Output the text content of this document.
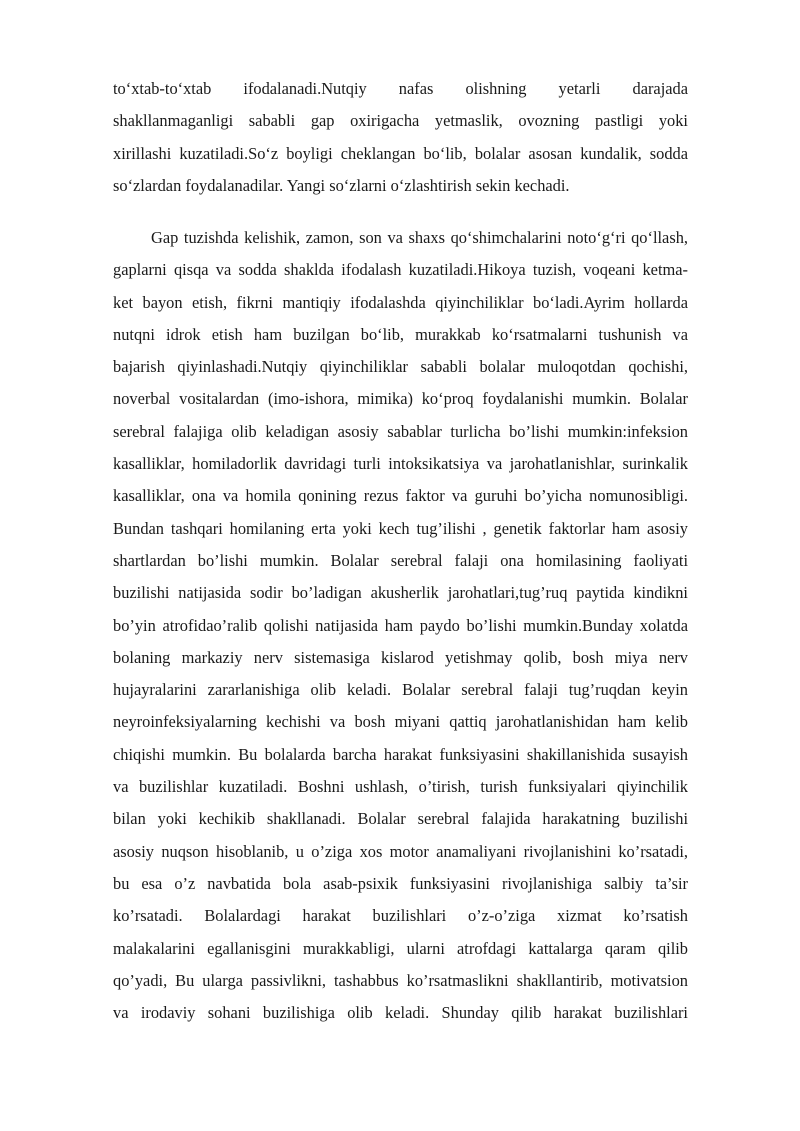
to‘xtab-to‘xtab ifodalanadi.Nutqiy nafas olishning yetarli darajada
shakllanmaganligi sababli gap oxirigacha yetmaslik, ovozning pastligi yoki
xirillashi kuzatiladi.So‘z boyligi cheklangan bo‘lib, bolalar asosan kundalik, sodda
so‘zlardan foydalanadilar. Yangi so‘zlarni o‘zlashtirish sekin kechadi.
Gap tuzishda kelishik, zamon, son va shaxs qo‘shimchalarini noto‘g‘ri qo‘llash,
gaplarni qisqa va sodda shaklda ifodalash kuzatiladi.Hikoya tuzish, voqeani ketma-
ket bayon etish, fikrni mantiqiy ifodalashda qiyinchiliklar bo‘ladi.Ayrim hollarda
nutqni idrok etish ham buzilgan bo‘lib, murakkab ko‘rsatmalarni tushunish va
bajarish qiyinlashadi.Nutqiy qiyinchiliklar sababli bolalar muloqotdan qochishi,
noverbal vositalardan (imo-ishora, mimika) ko‘proq foydalanishi mumkin. Bolalar
serebral falajiga olib keladigan asosiy sabablar turlicha bo’lishi mumkin:infeksion
kasalliklar, homiladorlik davridagi turli intoksikatsiya va jarohatlanishlar, surinkalik
kasalliklar, ona va homila qonining rezus faktor va guruhi bo’yicha nomunosibligi.
Bundan tashqari homilaning erta yoki kech tug’ilishi , genetik faktorlar ham asosiy
shartlardan bo’lishi mumkin. Bolalar serebral falaji ona homilasining faoliyati
buzilishi natijasida sodir bo’ladigan akusherlik jarohatlari,tug’ruq paytida kindikni
bo’yin atrofidao’ralib qolishi natijasida ham paydo bo’lishi mumkin.Bunday xolatda
bolaning markaziy nerv sistemasiga kislarod yetishmay qolib, bosh miya nerv
hujayralarini zararlanishiga olib keladi. Bolalar serebral falaji tug’ruqdan keyin
neyroinfeksiyalarning kechishi va bosh miyani qattiq jarohatlanishidan ham kelib
chiqishi mumkin. Bu bolalarda barcha harakat funksiyasini shakillanishida susayish
va buzilishlar kuzatiladi. Boshni ushlash, o’tirish, turish funksiyalari qiyinchilik
bilan yoki kechikib shakllanadi. Bolalar serebral falajida harakatning buzilishi
asosiy nuqson hisoblanib, u o’ziga xos motor anamaliyani rivojlanishini ko’rsatadi,
bu esa o’z navbatida bola asab-psixik funksiyasini rivojlanishiga salbiy ta’sir
ko’rsatadi. Bolalardagi harakat buzilishlari o’z-o’ziga xizmat ko’rsatish
malakalarini egallanisgini murakkabligi, ularni atrofdagi kattalarga qaram qilib
qo’yadi, Bu ularga passivlikni, tashabbus ko’rsatmaslikni shakllantirib, motivatsion
va irodaviy sohani buzilishiga olib keladi. Shunday qilib harakat buzilishlari
